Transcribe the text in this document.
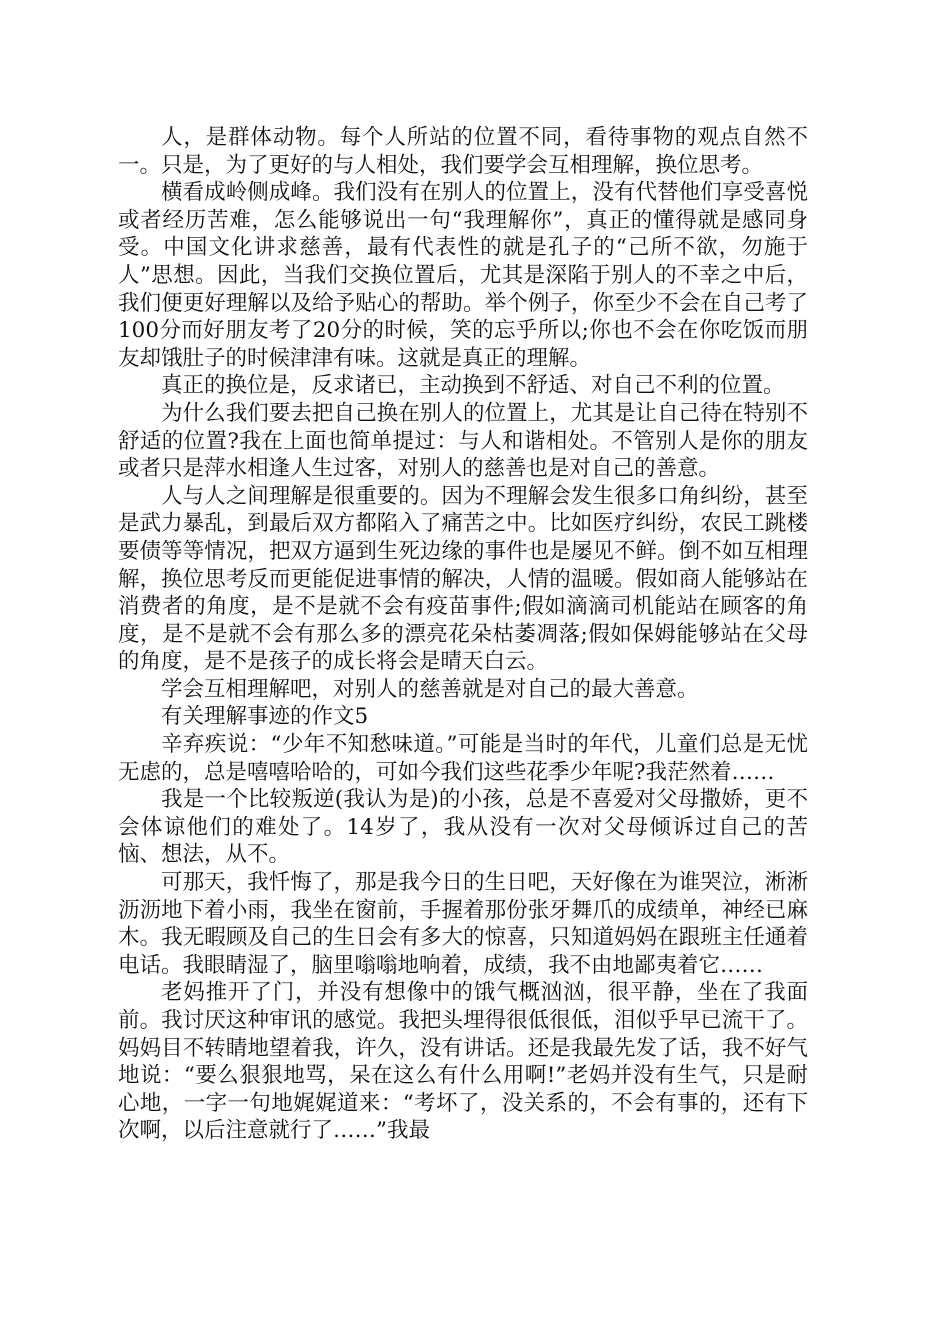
人，是群体动物。每个人所站的位置不同，看待事物的观点自然不一。只是，为了更好的与人相处，我们要学会互相理解，换位思考。

横看成岭侧成峰。我们没有在别人的位置上，没有代替他们享受喜悦或者经历苦难，怎么能够说出一句“我理解你”，真正的懂得就是感同身受。中国文化讲求慈善，最有代表性的就是孔子的“己所不欲，勿施于人”思想。因此，当我们交换位置后，尤其是深陷于别人的不幸之中后，我们便更好理解以及给予贴心的帮助。举个例子，你至少不会在自己考了100分而好朋友考了20分的时候，笑的忘乎所以;你也不会在你吃饭而朋友却饿肚子的时候津津有味。这就是真正的理解。

真正的换位是，反求诸已，主动换到不舒适、对自己不利的位置。

为什么我们要去把自己换在别人的位置上，尤其是让自己待在特别不舒适的位置?我在上面也简单提过：与人和谐相处。不管别人是你的朋友或者只是萍水相逢人生过客，对别人的慈善也是对自己的善意。

人与人之间理解是很重要的。因为不理解会发生很多口角纠纷，甚至是武力暴乱，到最后双方都陷入了痛苦之中。比如医疗纠纷，农民工跳楼要债等等情况，把双方逼到生死边缘的事件也是屡见不鲜。倒不如互相理解，换位思考反而更能促进事情的解决，人情的温暖。假如商人能够站在消费者的角度，是不是就不会有疫苗事件;假如滴滴司机能站在顾客的角度，是不是就不会有那么多的漂亮花朵枯萎凋落;假如保姆能够站在父母的角度，是不是孩子的成长将会是晴天白云。

学会互相理解吧，对别人的慈善就是对自己的最大善意。

有关理解事迹的作文5

辛弃疾说：“少年不知愁味道。”可能是当时的年代，儿童们总是无忧无虑的，总是嘻嘻哈哈的，可如今我们这些花季少年呢?我茫然着……

我是一个比较叛逆(我认为是)的小孩，总是不喜爱对父母撒娇，更不会体谅他们的难处了。14岁了，我从没有一次对父母倾诉过自己的苦恼、想法，从不。

可那天，我忏悔了，那是我今日的生日吧，天好像在为谁哭泣，淅淅沥沥地下着小雨，我坐在窗前，手握着那份张牙舞爪的成绩单，神经已麻木。我无暇顾及自己的生日会有多大的惊喜，只知道妈妈在跟班主任通着电话。我眼睛湿了，脑里嗡嗡地响着，成绩，我不由地鄙夷着它……

老妈推开了门，并没有想像中的饿气概汹汹，很平静，坐在了我面前。我讨厌这种审讯的感觉。我把头埋得很低很低，泪似乎早已流干了。妈妈目不转睛地望着我，许久，没有讲话。还是我最先发了话，我不好气地说：“要么狠狠地骂，呆在这么有什么用啊!”老妈并没有生气，只是耐心地，一字一句地娓娓道来：“考坏了，没关系的，不会有事的，还有下次啊，以后注意就行了……”我最
